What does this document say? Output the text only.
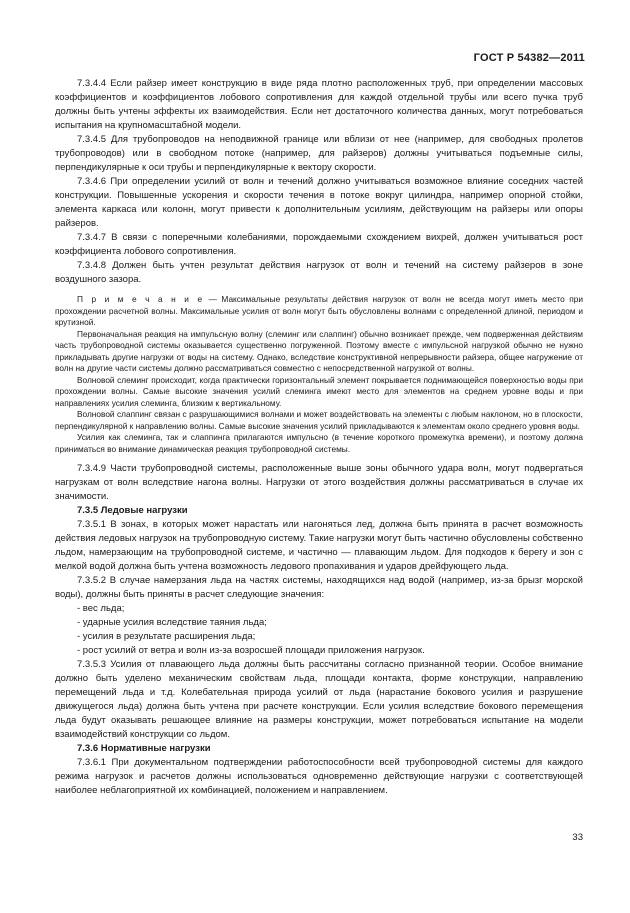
ГОСТ Р 54382—2011

7.3.4.4 Если райзер имеет конструкцию в виде ряда плотно расположенных труб, при определении массовых коэффициентов и коэффициентов лобового сопротивления для каждой отдельной трубы или всего пучка труб должны быть учтены эффекты их взаимодействия. Если нет достаточного количества данных, могут потребоваться испытания на крупномасштабной модели.

7.3.4.5 Для трубопроводов на неподвижной границе или вблизи от нее (например, для свободных пролетов трубопроводов) или в свободном потоке (например, для райзеров) должны учитываться подъемные силы, перпендикулярные к оси трубы и перпендикулярные к вектору скорости.

7.3.4.6 При определении усилий от волн и течений должно учитываться возможное влияние соседних частей конструкции. Повышенные ускорения и скорости течения в потоке вокруг цилиндра, например опорной стойки, элемента каркаса или колонн, могут привести к дополнительным усилиям, действующим на райзеры или опоры райзеров.

7.3.4.7 В связи с поперечными колебаниями, порождаемыми схождением вихрей, должен учитываться рост коэффициента лобового сопротивления.

7.3.4.8 Должен быть учтен результат действия нагрузок от волн и течений на систему райзеров в зоне воздушного зазора.

П р и м е ч а н и е — Максимальные результаты действия нагрузок от волн не всегда могут иметь место при прохождении расчетной волны. Максимальные усилия от волн могут быть обусловлены волнами с определенной длиной, периодом и крутизной.

Первоначальная реакция на импульсную волну (слеминг или слаппинг) обычно возникает прежде, чем подверженная действиям часть трубопроводной системы оказывается существенно погруженной. Поэтому вместе с импульсной нагрузкой обычно не нужно прикладывать другие нагрузки от воды на систему. Однако, вследствие конструктивной непрерывности райзера, общее нагружение от волн на другие части системы должно рассматриваться совместно с непосредственной нагрузкой от волны.

Волновой слеминг происходит, когда практически горизонтальный элемент покрывается поднимающейся поверхностью воды при прохождении волны. Самые высокие значения усилий слеминга имеют место для элементов на среднем уровне воды и при направлениях усилия слеминга, близким к вертикальному.

Волновой слаппинг связан с разрушающимися волнами и может воздействовать на элементы с любым наклоном, но в плоскости, перпендикулярной к направлению волны. Самые высокие значения усилий прикладываются к элементам около среднего уровня воды.

Усилия как слеминга, так и слаппинга прилагаются импульсно (в течение короткого промежутка времени), и поэтому должна приниматься во внимание динамическая реакция трубопроводной системы.

7.3.4.9 Части трубопроводной системы, расположенные выше зоны обычного удара волн, могут подвергаться нагрузкам от волн вследствие нагона волны. Нагрузки от этого воздействия должны рассматриваться в случае их значимости.

7.3.5 Ледовые нагрузки

7.3.5.1 В зонах, в которых может нарастать или нагоняться лед, должна быть принята в расчет возможность действия ледовых нагрузок на трубопроводную систему. Такие нагрузки могут быть частично обусловлены собственно льдом, намерзающим на трубопроводной системе, и частично — плавающим льдом. Для подходов к берегу и зон с мелкой водой должна быть учтена возможность ледового пропахивания и ударов дрейфующего льда.

7.3.5.2 В случае намерзания льда на частях системы, находящихся над водой (например, из-за брызг морской воды), должны быть приняты в расчет следующие значения:

- вес льда;

- ударные усилия вследствие таяния льда;

- усилия в результате расширения льда;

- рост усилий от ветра и волн из-за возросшей площади приложения нагрузок.

7.3.5.3 Усилия от плавающего льда должны быть рассчитаны согласно признанной теории. Особое внимание должно быть уделено механическим свойствам льда, площади контакта, форме конструкции, направлению перемещений льда и т.д. Колебательная природа усилий от льда (нарастание бокового усилия и разрушение движущегося льда) должна быть учтена при расчете конструкции. Если усилия вследствие бокового перемещения льда будут оказывать решающее влияние на размеры конструкции, может потребоваться испытание на модели взаимодействий конструкции со льдом.

7.3.6 Нормативные нагрузки

7.3.6.1 При документальном подтверждении работоспособности всей трубопроводной системы для каждого режима нагрузок и расчетов должны использоваться одновременно действующие нагрузки с соответствующей наиболее неблагоприятной их комбинацией, положением и направлением.

33
